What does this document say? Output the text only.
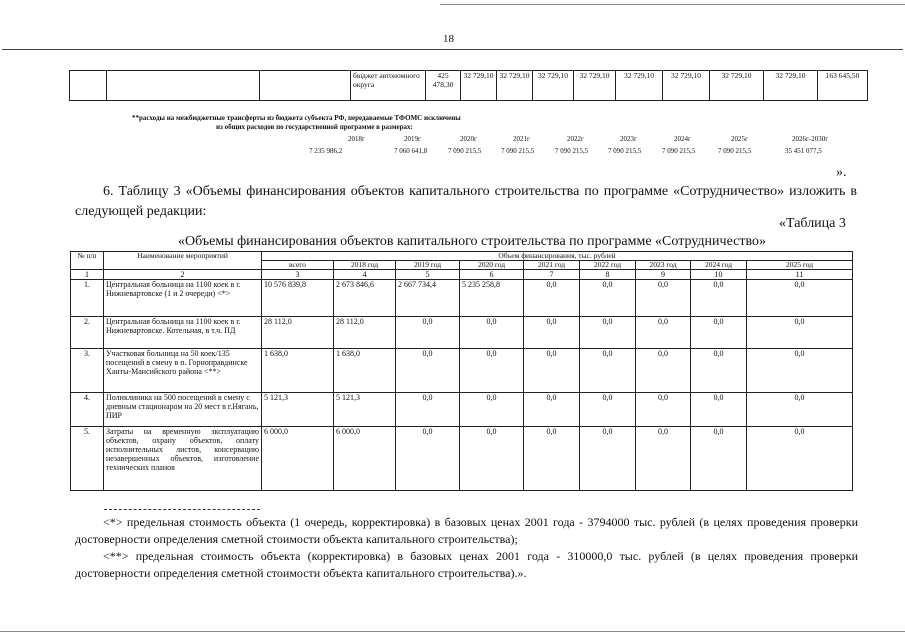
18
			бюджет автономного округа	425 478,30	32 729,10	32 729,10	32 729,10	32 729,10	32 729,10	32 729,10	32 729,10	32 729,10	163 645,50
**расходы на межбюджетные трансферты из бюджета субъекта РФ, передаваемые ТФОМС исключены
из общих расходов по государственной программе в размерах:
2018г	2019г	2020г	2021г	2022г	2023г	2024г	2025г	2026г-2030г
7 235 986,2	7 060 641,8	7 090 215,5	7 090 215,5	7 090 215,5	7 090 215,5	7 090 215,5	7 090 215,5	35 451 077,5
».
6. Таблицу 3 «Объемы финансирования объектов капитального строительства по программе «Сотрудничество» изложить в следующей редакции:
«Таблица 3
«Объемы финансирования объектов капитального строительства по программе «Сотрудничество»
№ п/п	Наименование мероприятий	Объем финансирования, тыс. рублей								
		всего	2018 год	2019 год	2020 год	2021 год	2022 год	2023 год	2024 год	2025 год
1	2	3	4	5	6	7	8	9	10	11
1.	Центральная больница на 1100 коек в г. Нижневартовске (1 и 2 очереди) <*>	10 576 839,8	2 673 846,6	2 667 734,4	5 235 258,8	0,0	0,0	0,0	0,0	0,0
2.	Центральная больница на 1100 коек в г. Нижневартовске. Котельная, в т.ч. ПД	28 112,0	28 112,0	0,0	0,0	0,0	0,0	0,0	0,0	0,0
3.	Участковая больница на 50 коек/135 посещений в смену в п. Горноправдинске Ханты-Мансийского района <**>	1 638,0	1 638,0	0,0	0,0	0,0	0,0	0,0	0,0	0,0
4.	Поликлиника на 500 посещений в смену с дневным стационаром на 20 мест в г.Нягань, ПИР	5 121,3	5 121,3	0,0	0,0	0,0	0,0	0,0	0,0	0,0
5.	Затраты на временную эксплуатацию объектов, охрану объектов, оплату исполнительных листов, консервацию незавершенных объектов, изготовление технических планов	6 000,0	6 000,0	0,0	0,0	0,0	0,0	0,0	0,0	0,0
<*> предельная стоимость объекта (1 очередь, корректировка) в базовых ценах 2001 года - 3794000 тыс. рублей (в целях проведения проверки достоверности определения сметной стоимости объекта капитального строительства);
<**> предельная стоимость объекта (корректировка) в базовых ценах 2001 года - 310000,0 тыс. рублей (в целях проведения проверки достоверности определения сметной стоимости объекта капитального строительства).».
